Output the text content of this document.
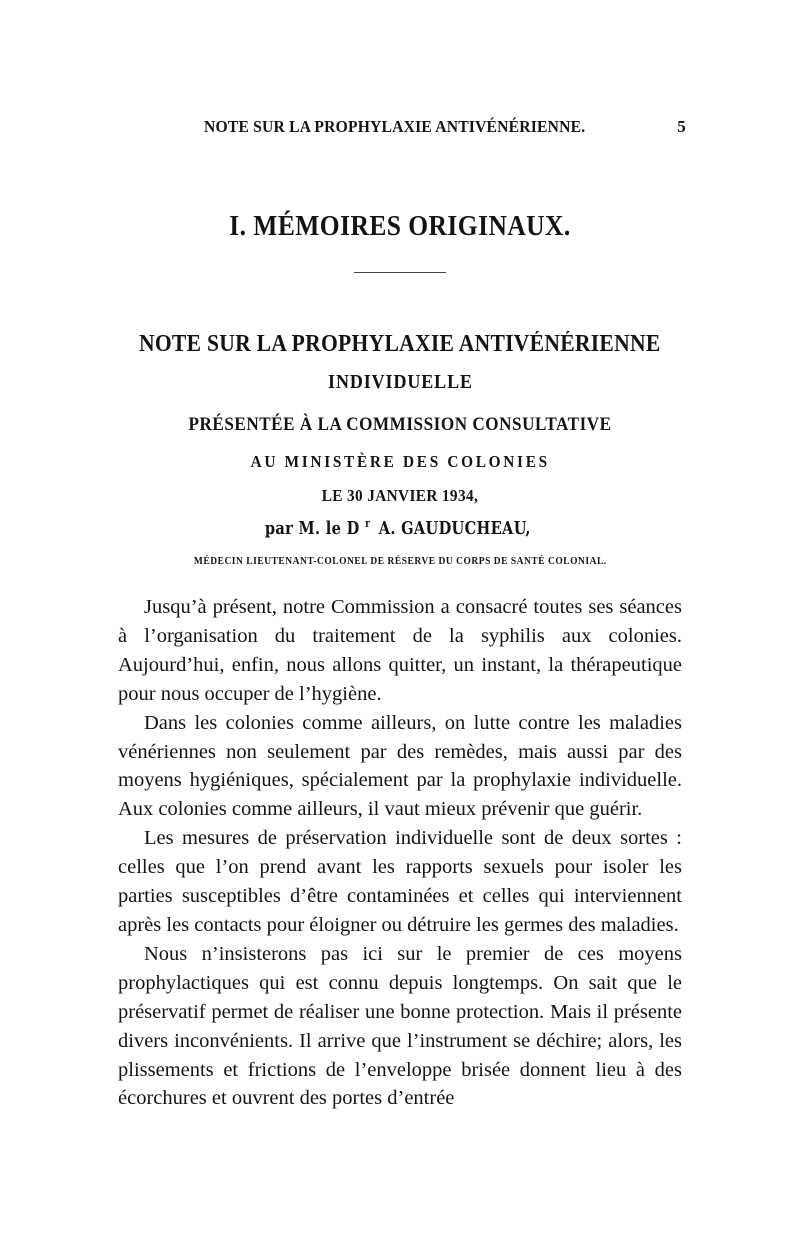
NOTE SUR LA PROPHYLAXIE ANTIVÉNÉRIENNE.	5
I. MÉMOIRES ORIGINAUX.
NOTE SUR LA PROPHYLAXIE ANTIVÉNÉRIENNE
INDIVIDUELLE
PRÉSENTÉE À LA COMMISSION CONSULTATIVE
AU MINISTÈRE DES COLONIES
LE 30 JANVIER 1934,
par M. le D rA. GAUDUCHEAU,
MÉDECIN LIEUTENANT-COLONEL DE RÉSERVE DU CORPS DE SANTÉ COLONIAL.

Jusqu’à présent, notre Commission a consacré toutes ses séances à l’organisation du traitement de la syphilis aux colonies. Aujourd’hui, enfin, nous allons quitter, un instant, la thérapeutique pour nous occuper de l’hygiène.

Dans les colonies comme ailleurs, on lutte contre les maladies vénériennes non seulement par des remèdes, mais aussi par des moyens hygiéniques, spécialement par la prophylaxie individuelle. Aux colonies comme ailleurs, il vaut mieux prévenir que guérir.

Les mesures de préservation individuelle sont de deux sortes : celles que l’on prend avant les rapports sexuels pour isoler les parties susceptibles d’être contaminées et celles qui interviennent après les contacts pour éloigner ou détruire les germes des maladies.

Nous n’insisterons pas ici sur le premier de ces moyens prophylactiques qui est connu depuis longtemps. On sait que le préservatif permet de réaliser une bonne protection. Mais il présente divers inconvénients. Il arrive que l’instrument se déchire; alors, les plissements et frictions de l’enveloppe brisée donnent lieu à des écorchures et ouvrent des portes d’entrée
